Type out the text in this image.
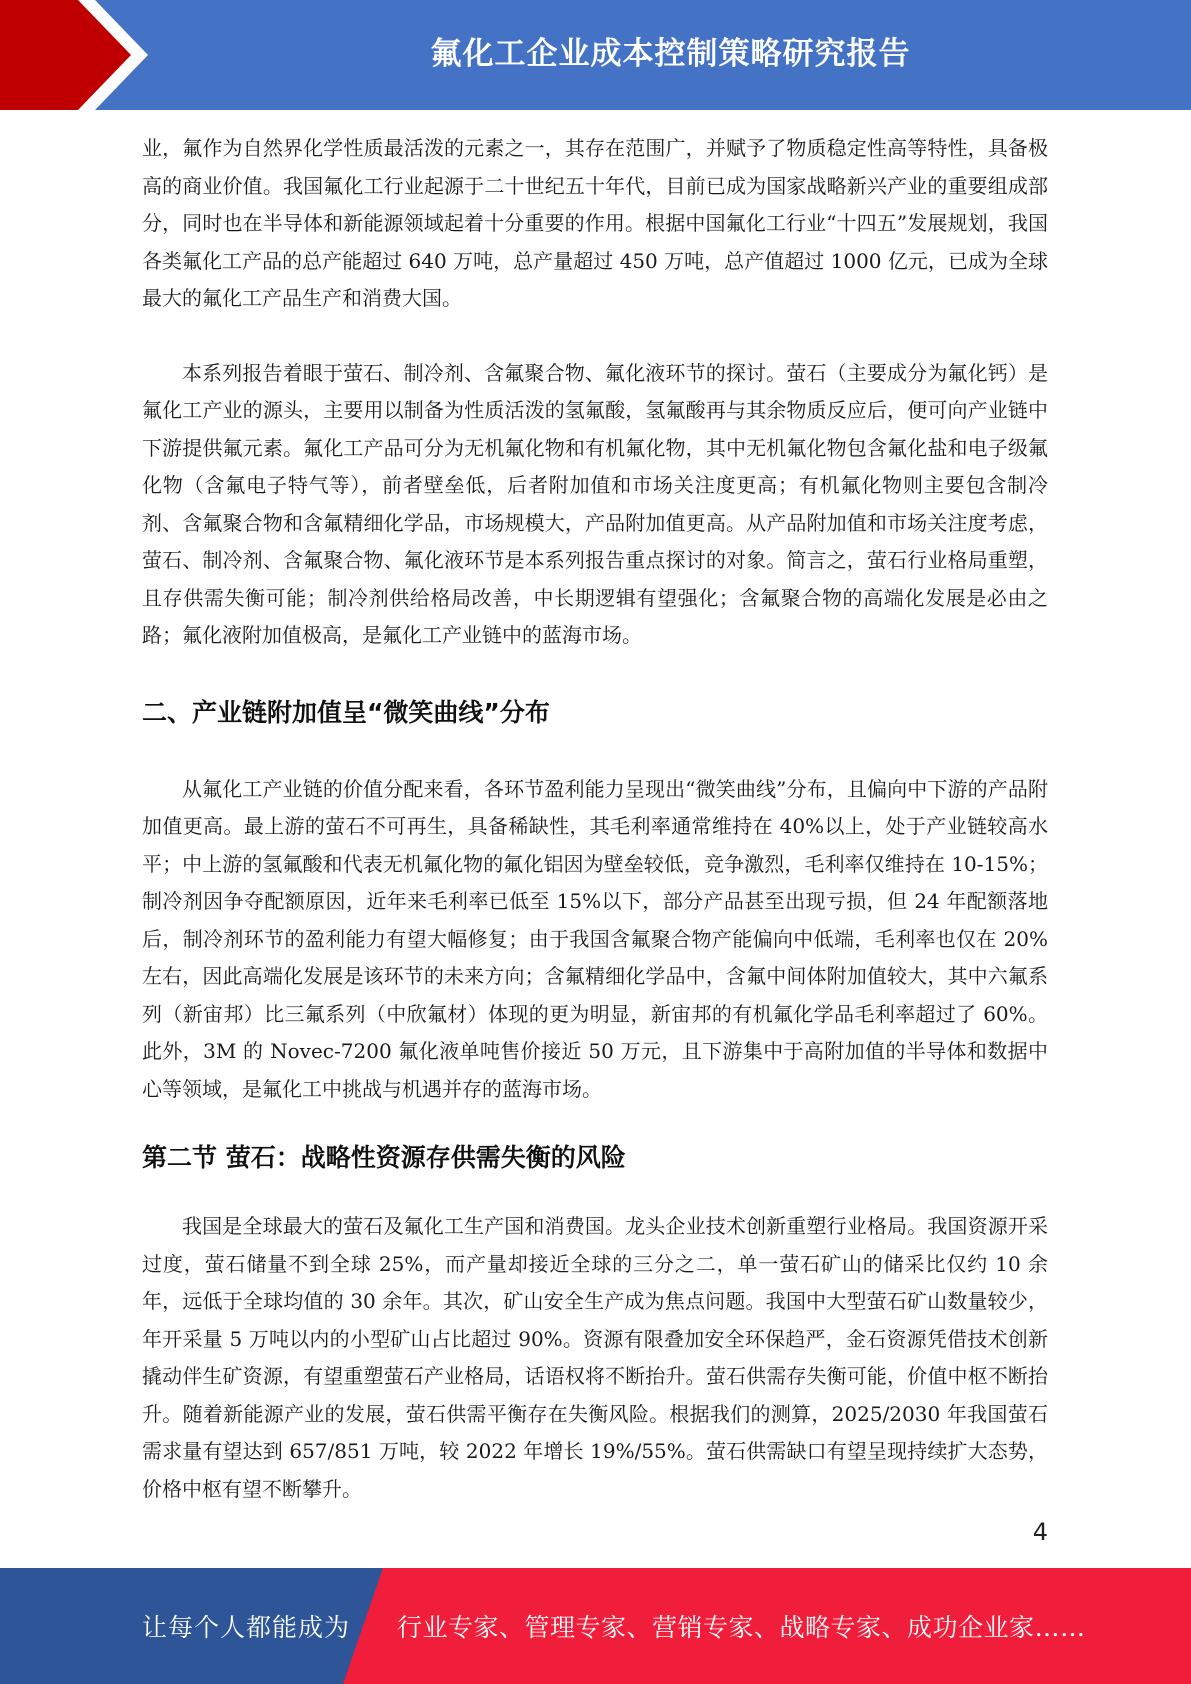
氟化工企业成本控制策略研究报告

业，氟作为自然界化学性质最活泼的元素之一，其存在范围广，并赋予了物质稳定性高等特性，具备极高的商业价值。我国氟化工行业起源于二十世纪五十年代，目前已成为国家战略新兴产业的重要组成部分，同时也在半导体和新能源领域起着十分重要的作用。根据中国氟化工行业“十四五”发展规划，我国各类氟化工产品的总产能超过 640 万吨，总产量超过 450 万吨，总产值超过 1000 亿元，已成为全球最大的氟化工产品生产和消费大国。

本系列报告着眼于萤石、制冷剂、含氟聚合物、氟化液环节的探讨。萤石（主要成分为氟化钙）是氟化工产业的源头，主要用以制备为性质活泼的氢氟酸，氢氟酸再与其余物质反应后，便可向产业链中下游提供氟元素。氟化工产品可分为无机氟化物和有机氟化物，其中无机氟化物包含氟化盐和电子级氟化物（含氟电子特气等），前者壁垒低，后者附加值和市场关注度更高；有机氟化物则主要包含制冷剂、含氟聚合物和含氟精细化学品，市场规模大，产品附加值更高。从产品附加值和市场关注度考虑，萤石、制冷剂、含氟聚合物、氟化液环节是本系列报告重点探讨的对象。简言之，萤石行业格局重塑，且存供需失衡可能；制冷剂供给格局改善，中长期逻辑有望强化；含氟聚合物的高端化发展是必由之路；氟化液附加值极高，是氟化工产业链中的蓝海市场。

二、产业链附加值呈“微笑曲线”分布

从氟化工产业链的价值分配来看，各环节盈利能力呈现出“微笑曲线”分布，且偏向中下游的产品附加值更高。最上游的萤石不可再生，具备稀缺性，其毛利率通常维持在 40%以上，处于产业链较高水平；中上游的氢氟酸和代表无机氟化物的氟化铝因为壁垒较低，竞争激烈，毛利率仅维持在 10-15%；制冷剂因争夺配额原因，近年来毛利率已低至 15%以下，部分产品甚至出现亏损，但 24 年配额落地后，制冷剂环节的盈利能力有望大幅修复；由于我国含氟聚合物产能偏向中低端，毛利率也仅在 20%左右，因此高端化发展是该环节的未来方向；含氟精细化学品中，含氟中间体附加值较大，其中六氟系列（新宙邦）比三氟系列（中欣氟材）体现的更为明显，新宙邦的有机氟化学品毛利率超过了 60%。此外，3M 的 Novec-7200 氟化液单吨售价接近 50 万元，且下游集中于高附加值的半导体和数据中心等领域，是氟化工中挑战与机遇并存的蓝海市场。

第二节 萤石：战略性资源存供需失衡的风险

我国是全球最大的萤石及氟化工生产国和消费国。龙头企业技术创新重塑行业格局。我国资源开采过度，萤石储量不到全球 25%，而产量却接近全球的三分之二，单一萤石矿山的储采比仅约 10 余年，远低于全球均值的 30 余年。其次，矿山安全生产成为焦点问题。我国中大型萤石矿山数量较少，年开采量 5 万吨以内的小型矿山占比超过 90%。资源有限叠加安全环保趋严，金石资源凭借技术创新撬动伴生矿资源，有望重塑萤石产业格局，话语权将不断抬升。萤石供需存失衡可能，价值中枢不断抬升。随着新能源产业的发展，萤石供需平衡存在失衡风险。根据我们的测算，2025/2030 年我国萤石需求量有望达到 657/851 万吨，较 2022 年增长 19%/55%。萤石供需缺口有望呈现持续扩大态势，价格中枢有望不断攀升。

4
让每个人都能成为 行业专家、管理专家、营销专家、战略专家、成功企业家……
